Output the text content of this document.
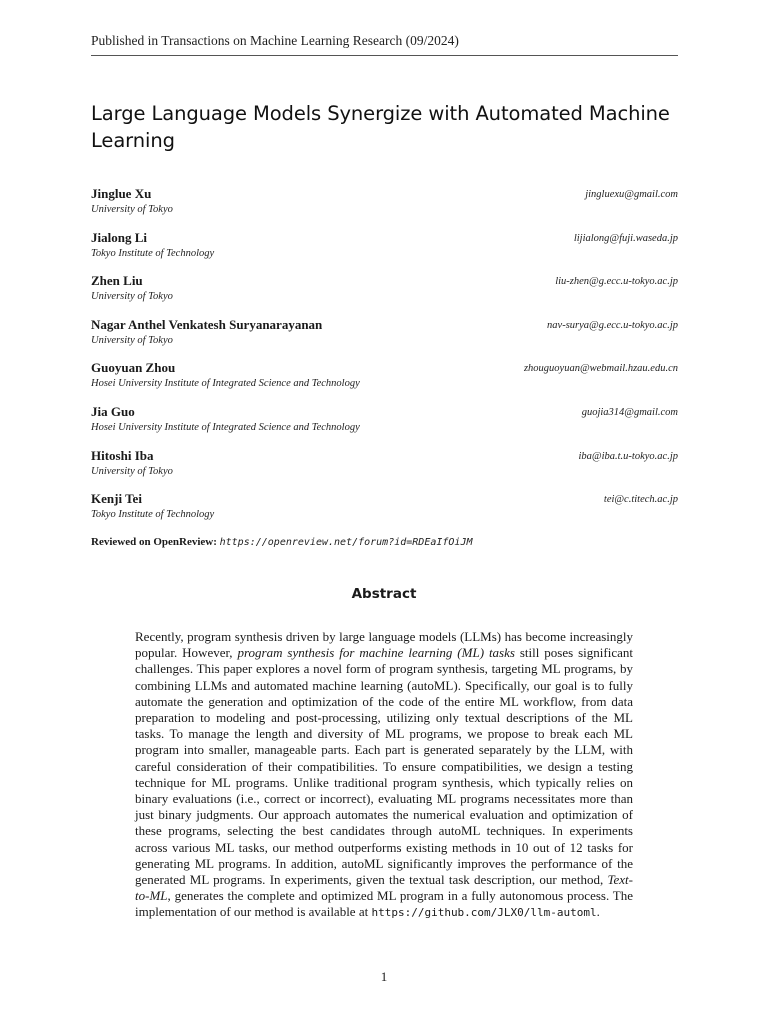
Published in Transactions on Machine Learning Research (09/2024)
Large Language Models Synergize with Automated Machine Learning
Jinglue Xu	jingluexu@gmail.com
University of Tokyo
Jialong Li	lijialong@fuji.waseda.jp
Tokyo Institute of Technology
Zhen Liu	liu-zhen@g.ecc.u-tokyo.ac.jp
University of Tokyo
Nagar Anthel Venkatesh Suryanarayanan	nav-surya@g.ecc.u-tokyo.ac.jp
University of Tokyo
Guoyuan Zhou	zhouguoyuan@webmail.hzau.edu.cn
Hosei University Institute of Integrated Science and Technology
Jia Guo	guojia314@gmail.com
Hosei University Institute of Integrated Science and Technology
Hitoshi Iba	iba@iba.t.u-tokyo.ac.jp
University of Tokyo
Kenji Tei	tei@c.titech.ac.jp
Tokyo Institute of Technology
Reviewed on OpenReview: https://openreview.net/forum?id=RDEaIfOiJM
Abstract
Recently, program synthesis driven by large language models (LLMs) has become increasingly popular. However, program synthesis for machine learning (ML) tasks still poses significant challenges. This paper explores a novel form of program synthesis, targeting ML programs, by combining LLMs and automated machine learning (autoML). Specifically, our goal is to fully automate the generation and optimization of the code of the entire ML workflow, from data preparation to modeling and post-processing, utilizing only textual descriptions of the ML tasks. To manage the length and diversity of ML programs, we propose to break each ML program into smaller, manageable parts. Each part is generated separately by the LLM, with careful consideration of their compatibilities. To ensure compatibilities, we design a testing technique for ML programs. Unlike traditional program synthesis, which typically relies on binary evaluations (i.e., correct or incorrect), evaluating ML programs necessitates more than just binary judgments. Our approach automates the numerical evaluation and optimization of these programs, selecting the best candidates through autoML techniques. In experiments across various ML tasks, our method outperforms existing methods in 10 out of 12 tasks for generating ML programs. In addition, autoML significantly improves the performance of the generated ML programs. In experiments, given the textual task description, our method, Text-to-ML, generates the complete and optimized ML program in a fully autonomous process. The implementation of our method is available at https://github.com/JLX0/llm-automl.
1
